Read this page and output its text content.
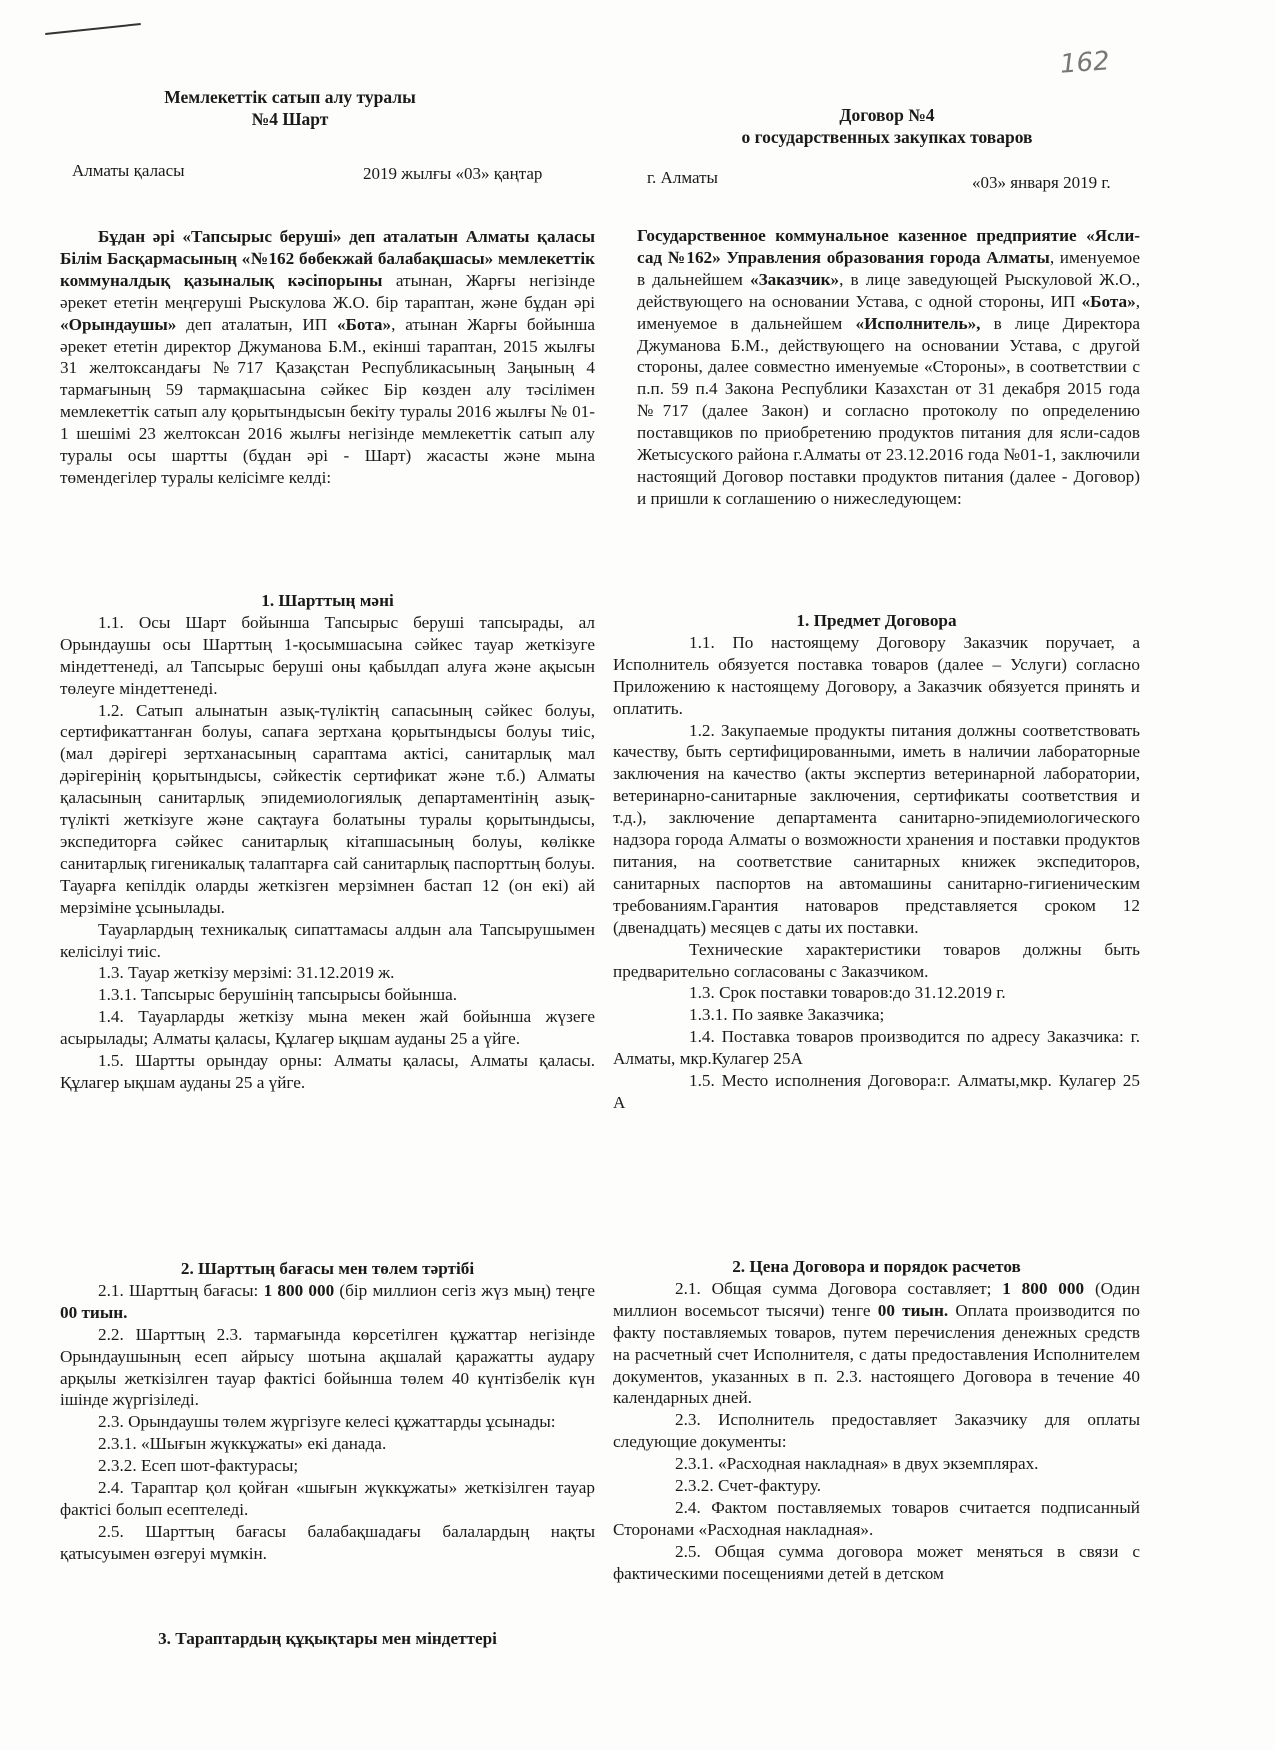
162
Мемлекеттік сатып алу туралы
№4 Шарт
Алматы қаласы	2019 жылғы «03» қаңтар

Бұдан әрі «Тапсырыс беруші» деп аталатын Алматы қаласы Білім Басқармасының «№162 бөбекжай балабақшасы» мемлекеттік коммуналдық қазыналық кәсіпорыны атынан, Жарғы негізінде әрекет ететін меңгеруші Рыскулова Ж.О. бір тараптан, және бұдан әрі «Орындаушы» деп аталатын, ИП «Бота», атынан Жарғы бойынша әрекет ететін директор Джуманова Б.М., екінші тараптан, 2015 жылғы 31 желтоксандағы №717 Қазақстан Республикасының Заңының 4 тармағының 59 тармақшасына сәйкес Бір көзден алу тәсілімен мемлекеттік сатып алу қорытындысын бекіту туралы 2016 жылғы № 01-1 шешімі 23 желтоксан 2016 жылғы негізінде мемлекеттік сатып алу туралы осы шартты (бұдан әрі - Шарт) жасасты және мына төмендегілер туралы келісімге келді:

1. Шарттың мәні

1.1. Осы Шарт бойынша Тапсырыс беруші тапсырады, ал Орындаушы осы Шарттың 1-қосымшасына сәйкес тауар жеткізуге міндеттенеді, ал Тапсырыс беруші оны қабылдап алуға және ақысын төлеуге міндеттенеді.

1.2. Сатып алынатын азық-түліктің сапасының сәйкес болуы, сертификаттанған болуы, сапаға зертхана қорытындысы болуы тиіс, (мал дәрігері зертханасының сараптама актісі, санитарлық мал дәрігерінің қорытындысы, сәйкестік сертификат және т.б.) Алматы қаласының санитарлық эпидемиологиялық департаментінің азық-түлікті жеткізуге және сақтауға болатыны туралы қорытындысы, экспедиторға сәйкес санитарлық кітапшасының болуы, көлікке санитарлық гигеникалық талаптарға сай санитарлық паспорттың болуы. Тауарға кепілдік оларды жеткізген мерзімнен бастап 12 (он екі) ай мерзіміне ұсынылады.

Тауарлардың техникалық сипаттамасы алдын ала Тапсырушымен келісілуі тиіс.

1.3. Тауар жеткізу мерзімі: 31.12.2019 ж.

1.3.1. Тапсырыс берушінің тапсырысы бойынша.

1.4. Тауарларды жеткізу мына мекен жай бойынша жүзеге асырылады; Алматы қаласы, Құлагер ықшам ауданы 25 а үйге.

1.5. Шартты орындау орны: Алматы қаласы, Алматы қаласы. Құлагер ықшам ауданы 25 а үйге.

2. Шарттың бағасы мен төлем тәртібі

2.1. Шарттың бағасы: 1 800 000 (бір миллион сегіз жүз мың) теңге 00 тиын.

2.2. Шарттың 2.3. тармағында көрсетілген құжаттар негізінде Орындаушының есеп айрысу шотына ақшалай қаражатты аудару арқылы жеткізілген тауар фактісі бойынша төлем 40 күнтізбелік күн ішінде жүргізіледі.

2.3. Орындаушы төлем жүргізуге келесі құжаттарды ұсынады:

2.3.1. «Шығын жүккұжаты» екі данада.

2.3.2. Есеп шот-фактурасы;

2.4. Тараптар қол қойған «шығын жүккұжаты» жеткізілген тауар фактісі болып есептеледі.

2.5. Шарттың бағасы балабақшадағы балалардың нақты қатысуымен өзгеруі мүмкін.

3. Тараптардың құқықтары мен міндеттері
Договор №4
о государственных закупках товаров
г. Алматы	«03» января 2019 г.

Государственное коммунальное казенное предприятие «Ясли-сад №162» Управления образования города Алматы, именуемое в дальнейшем «Заказчик», в лице заведующей Рыскуловой Ж.О., действующего на основании Устава, с одной стороны, ИП «Бота», именуемое в дальнейшем «Исполнитель», в лице Директора Джуманова Б.М., действующего на основании Устава, с другой стороны, далее совместно именуемые «Стороны», в соответствии с п.п. 59 п.4 Закона Республики Казахстан от 31 декабря 2015 года №717 (далее Закон) и согласно протоколу по определению поставщиков по приобретению продуктов питания для ясли-садов Жетысуского района г.Алматы от 23.12.2016 года №01-1, заключили настоящий Договор поставки продуктов питания (далее - Договор) и пришли к соглашению о нижеследующем:

1. Предмет Договора

1.1. По настоящему Договору Заказчик поручает, а Исполнитель обязуется поставка товаров (далее – Услуги) согласно Приложению к настоящему Договору, а Заказчик обязуется принять и оплатить.

1.2. Закупаемые продукты питания должны соответствовать качеству, быть сертифицированными, иметь в наличии лабораторные заключения на качество (акты экспертиз ветеринарной лаборатории, ветеринарно-санитарные заключения, сертификаты соответствия и т.д.), заключение департамента санитарно-эпидемиологического надзора города Алматы о возможности хранения и поставки продуктов питания, на соответствие санитарных книжек экспедиторов, санитарных паспортов на автомашины санитарно-гигиеническим требованиям.Гарантия натоваров представляется сроком 12 (двенадцать) месяцев с даты их поставки.

Технические характеристики товаров должны быть предварительно согласованы с Заказчиком.

1.3. Срок поставки товаров:до 31.12.2019 г.

1.3.1. По заявке Заказчика;

1.4. Поставка товаров производится по адресу Заказчика: г. Алматы, мкр.Кулагер 25А

1.5. Место исполнения Договора:г. Алматы,мкр. Кулагер 25 А

2. Цена Договора и порядок расчетов

2.1. Общая сумма Договора составляет; 1 800 000 (Один миллион восемьсот тысячи) тенге 00 тиын. Оплата производится по факту поставляемых товаров, путем перечисления денежных средств на расчетный счет Исполнителя, с даты предоставления Исполнителем документов, указанных в п. 2.3. настоящего Договора в течение 40 календарных дней.

2.3. Исполнитель предоставляет Заказчику для оплаты следующие документы:

2.3.1. «Расходная накладная» в двух экземплярах.

2.3.2. Счет-фактуру.

2.4. Фактом поставляемых товаров считается подписанный Сторонами «Расходная накладная».

2.5. Общая сумма договора может меняться в связи с фактическими посещениями детей в детском
